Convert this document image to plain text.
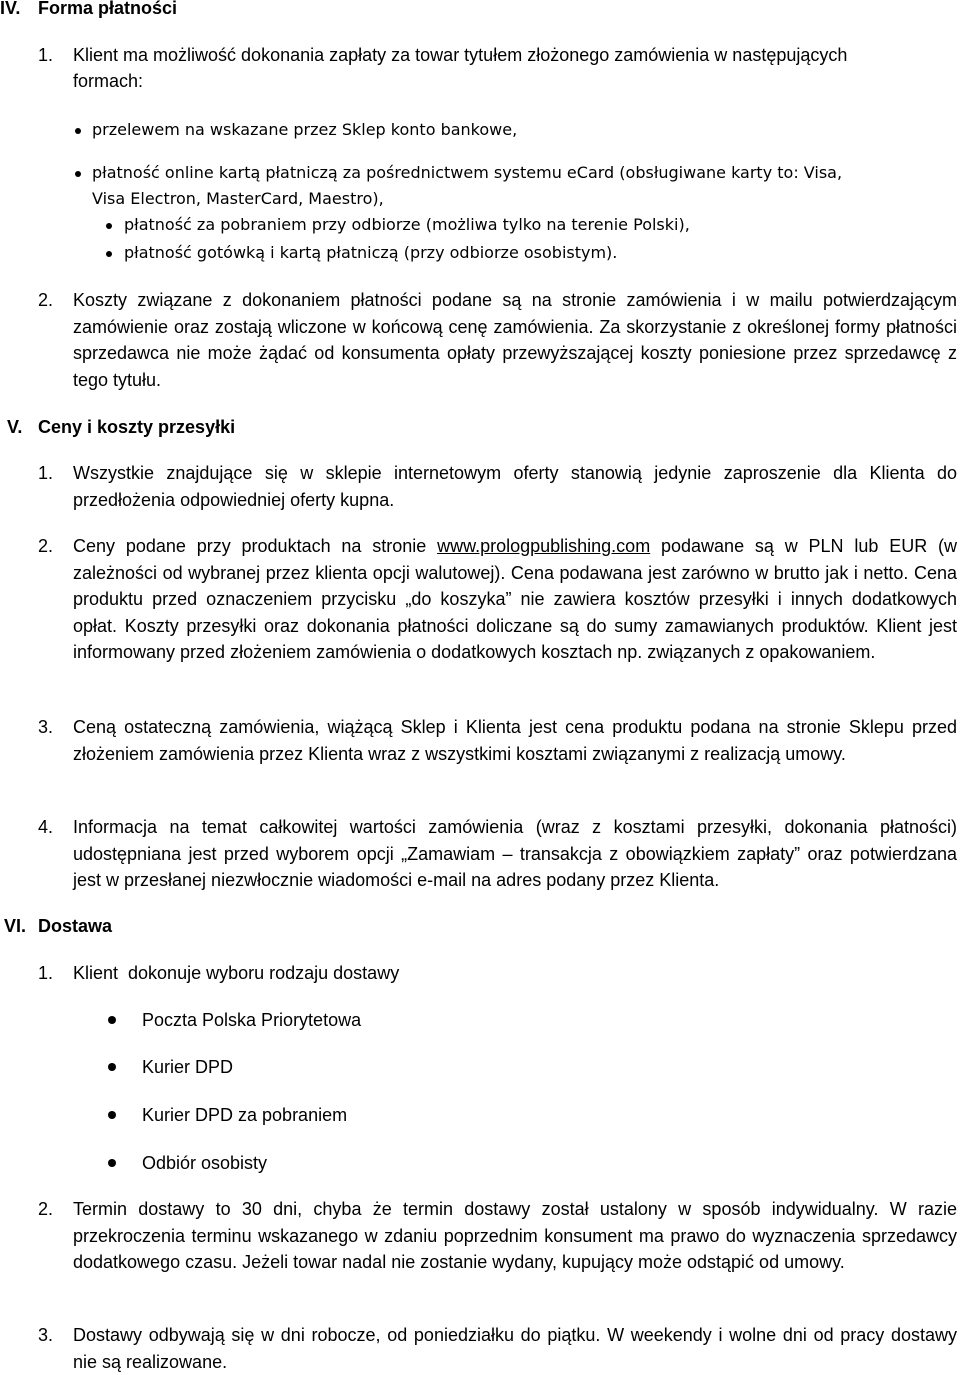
IV. Forma płatności
1. Klient ma możliwość dokonania zapłaty za towar tytułem złożonego zamówienia w następujących
formach:
przelewem na wskazane przez Sklep konto bankowe,
płatność online kartą płatniczą za pośrednictwem systemu eCard (obsługiwane karty to: Visa,
Visa Electron, MasterCard, Maestro),
płatność za pobraniem przy odbiorze (możliwa tylko na terenie Polski),
płatność gotówką i kartą płatniczą (przy odbiorze osobistym).
2. Koszty związane z dokonaniem płatności podane są na stronie zamówienia i w mailu potwierdzającym zamówienie oraz zostają wliczone w końcową cenę zamówienia. Za skorzystanie z określonej formy płatności sprzedawca nie może żądać od konsumenta opłaty przewyższającej koszty poniesione przez sprzedawcę z tego tytułu.

V. Ceny i koszty przesyłki
1. Wszystkie znajdujące się w sklepie internetowym oferty stanowią jedynie zaproszenie dla Klienta do przedłożenia odpowiedniej oferty kupna.

2. Ceny podane przy produktach na stronie www.prologpublishing.com podawane są w PLN lub EUR (w zależności od wybranej przez klienta opcji walutowej). Cena podawana jest zarówno w brutto jak i netto. Cena produktu przed oznaczeniem przycisku „do koszyka” nie zawiera kosztów przesyłki i innych dodatkowych opłat. Koszty przesyłki oraz dokonania płatności doliczane są do sumy zamawianych produktów. Klient jest informowany przed złożeniem zamówienia o dodatkowych kosztach np. związanych z opakowaniem.

3. Ceną ostateczną zamówienia, wiążącą Sklep i Klienta jest cena produktu podana na stronie Sklepu przed złożeniem zamówienia przez Klienta wraz z wszystkimi kosztami związanymi z realizacją umowy.

4. Informacja na temat całkowitej wartości zamówienia (wraz z kosztami przesyłki, dokonania płatności) udostępniana jest przed wyborem opcji „Zamawiam – transakcja z obowiązkiem zapłaty” oraz potwierdzana jest w przesłanej niezwłocznie wiadomości e-mail na adres podany przez Klienta.

VI. Dostawa
1. Klient  dokonuje wyboru rodzaju dostawy
Poczta Polska Priorytetowa
Kurier DPD
Kurier DPD za pobraniem
Odbiór osobisty
2. Termin dostawy to 30 dni, chyba że termin dostawy został ustalony w sposób indywidualny. W razie przekroczenia terminu wskazanego w zdaniu poprzednim konsument ma prawo do wyznaczenia sprzedawcy dodatkowego czasu. Jeżeli towar nadal nie zostanie wydany, kupujący może odstąpić od umowy.

3. Dostawy odbywają się w dni robocze, od poniedziałku do piątku. W weekendy i wolne dni od pracy dostawy nie są realizowane.
